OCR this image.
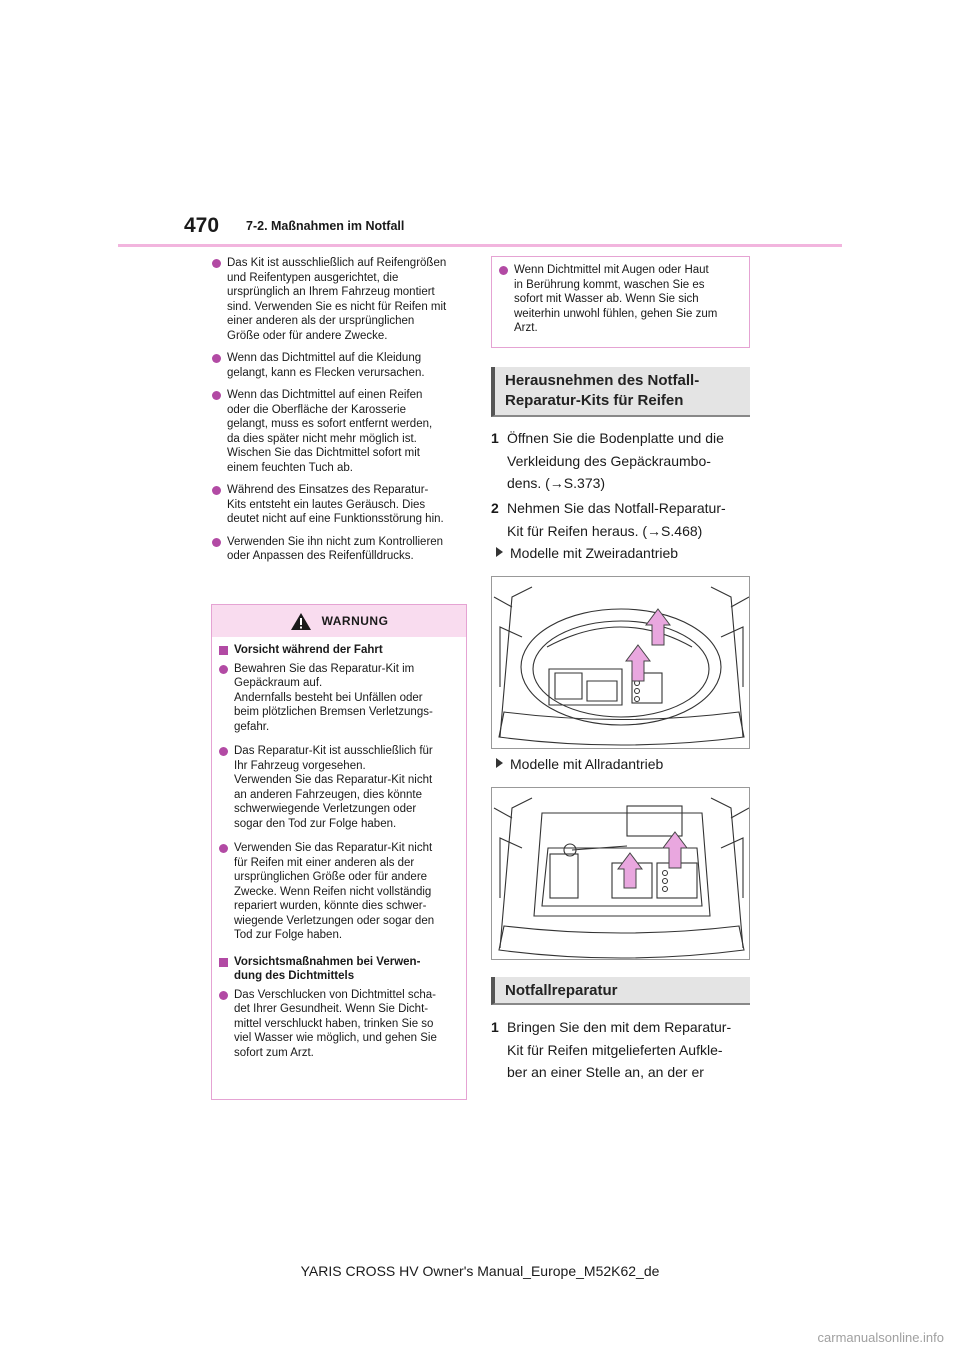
470 7-2. Maßnahmen im Notfall
Das Kit ist ausschließlich auf Reifengrößen
und Reifentypen ausgerichtet, die
ursprünglich an Ihrem Fahrzeug montiert
sind. Verwenden Sie es nicht für Reifen mit
einer anderen als der ursprünglichen
Größe oder für andere Zwecke.
Wenn das Dichtmittel auf die Kleidung
gelangt, kann es Flecken verursachen.
Wenn das Dichtmittel auf einen Reifen
oder die Oberfläche der Karosserie
gelangt, muss es sofort entfernt werden,
da dies später nicht mehr möglich ist.
Wischen Sie das Dichtmittel sofort mit
einem feuchten Tuch ab.
Während des Einsatzes des Reparatur-
Kits entsteht ein lautes Geräusch. Dies
deutet nicht auf eine Funktionsstörung hin.
Verwenden Sie ihn nicht zum Kontrollieren
oder Anpassen des Reifenfülldrucks.
WARNUNG
Vorsicht während der Fahrt
Bewahren Sie das Reparatur-Kit im
Gepäckraum auf.
Andernfalls besteht bei Unfällen oder
beim plötzlichen Bremsen Verletzungs-
gefahr.
Das Reparatur-Kit ist ausschließlich für
Ihr Fahrzeug vorgesehen.
Verwenden Sie das Reparatur-Kit nicht
an anderen Fahrzeugen, dies könnte
schwerwiegende Verletzungen oder
sogar den Tod zur Folge haben.
Verwenden Sie das Reparatur-Kit nicht
für Reifen mit einer anderen als der
ursprünglichen Größe oder für andere
Zwecke. Wenn Reifen nicht vollständig
repariert wurden, könnte dies schwer-
wiegende Verletzungen oder sogar den
Tod zur Folge haben.
Vorsichtsmaßnahmen bei Verwen-
dung des Dichtmittels
Das Verschlucken von Dichtmittel scha-
det Ihrer Gesundheit. Wenn Sie Dicht-
mittel verschluckt haben, trinken Sie so
viel Wasser wie möglich, und gehen Sie
sofort zum Arzt.
Wenn Dichtmittel mit Augen oder Haut
in Berührung kommt, waschen Sie es
sofort mit Wasser ab. Wenn Sie sich
weiterhin unwohl fühlen, gehen Sie zum
Arzt.
Herausnehmen des Notfall-
Reparatur-Kits für Reifen
1 Öffnen Sie die Bodenplatte und die
Verkleidung des Gepäckraumbo-
dens. (→S.373)
2 Nehmen Sie das Notfall-Reparatur-
Kit für Reifen heraus. (→S.468)
Modelle mit Zweiradantrieb
Modelle mit Allradantrieb
Notfallreparatur
1 Bringen Sie den mit dem Reparatur-
Kit für Reifen mitgelieferten Aufkle-
ber an einer Stelle an, an der er
YARIS CROSS HV Owner's Manual_Europe_M52K62_de
carmanualsonline.info
